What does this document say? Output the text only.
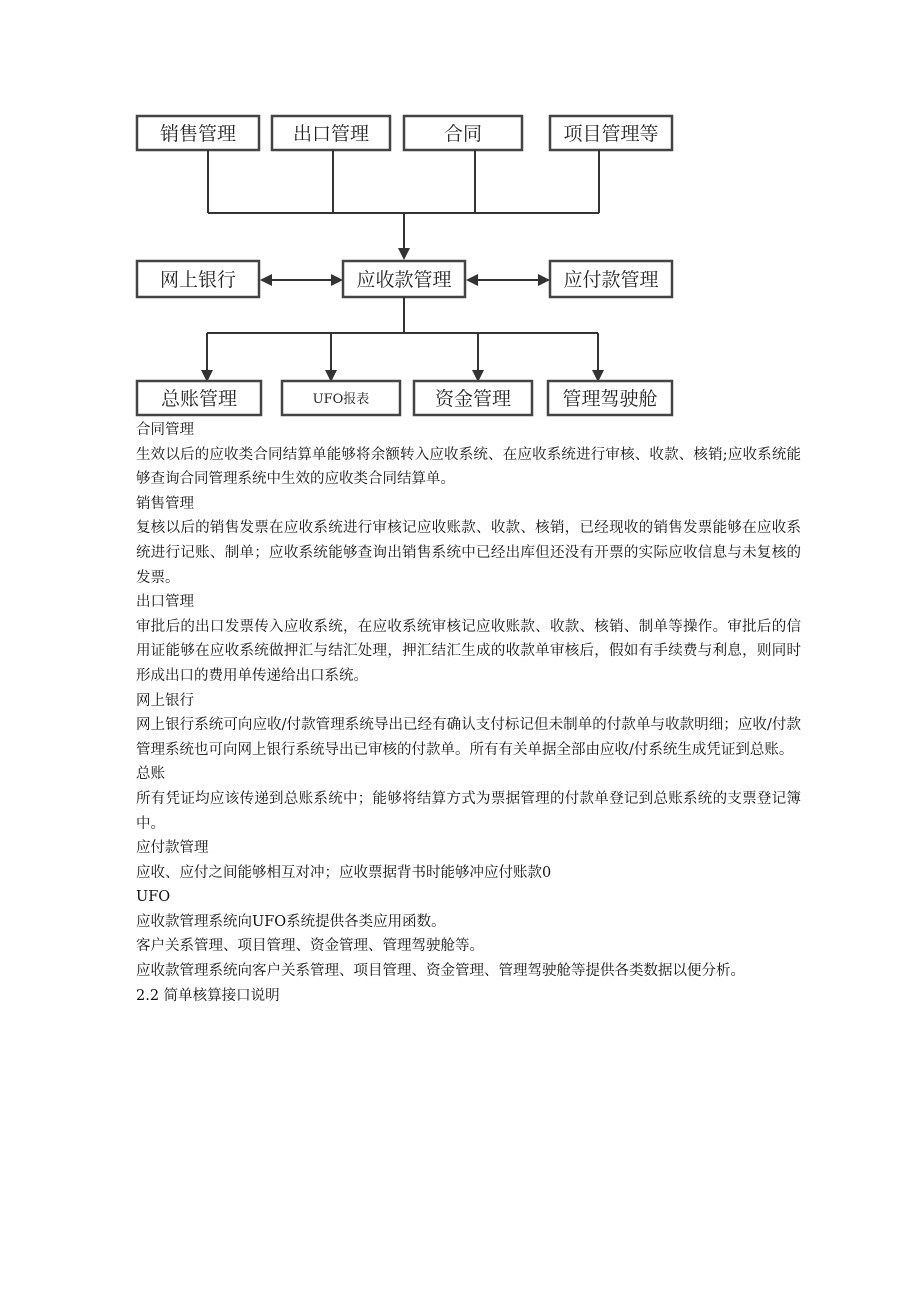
销售管理	出口管理	合同	项目管理等
网上银行	应收款管理	应付款管理
总账管理	UFO报表	资金管理	管理驾驶舱

合同管理

生效以后的应收类合同结算单能够将余额转入应收系统、在应收系统进行审核、收款、核销;应收系统能够查询合同管理系统中生效的应收类合同结算单。

销售管理

复核以后的销售发票在应收系统进行审核记应收账款、收款、核销，已经现收的销售发票能够在应收系统进行记账、制单；应收系统能够查询出销售系统中已经出库但还没有开票的实际应收信息与未复核的发票。

出口管理

审批后的出口发票传入应收系统，在应收系统审核记应收账款、收款、核销、制单等操作。审批后的信用证能够在应收系统做押汇与结汇处理，押汇结汇生成的收款单审核后，假如有手续费与利息，则同时形成出口的费用单传递给出口系统。

网上银行

网上银行系统可向应收/付款管理系统导出已经有确认支付标记但未制单的付款单与收款明细；应收/付款管理系统也可向网上银行系统导出已审核的付款单。所有有关单据全部由应收/付系统生成凭证到总账。

总账

所有凭证均应该传递到总账系统中；能够将结算方式为票据管理的付款单登记到总账系统的支票登记簿中。

应付款管理

应收、应付之间能够相互对冲；应收票据背书时能够冲应付账款0

UFO

应收款管理系统向UFO系统提供各类应用函数。

客户关系管理、项目管理、资金管理、管理驾驶舱等。

应收款管理系统向客户关系管理、项目管理、资金管理、管理驾驶舱等提供各类数据以便分析。

2.2 简单核算接口说明
